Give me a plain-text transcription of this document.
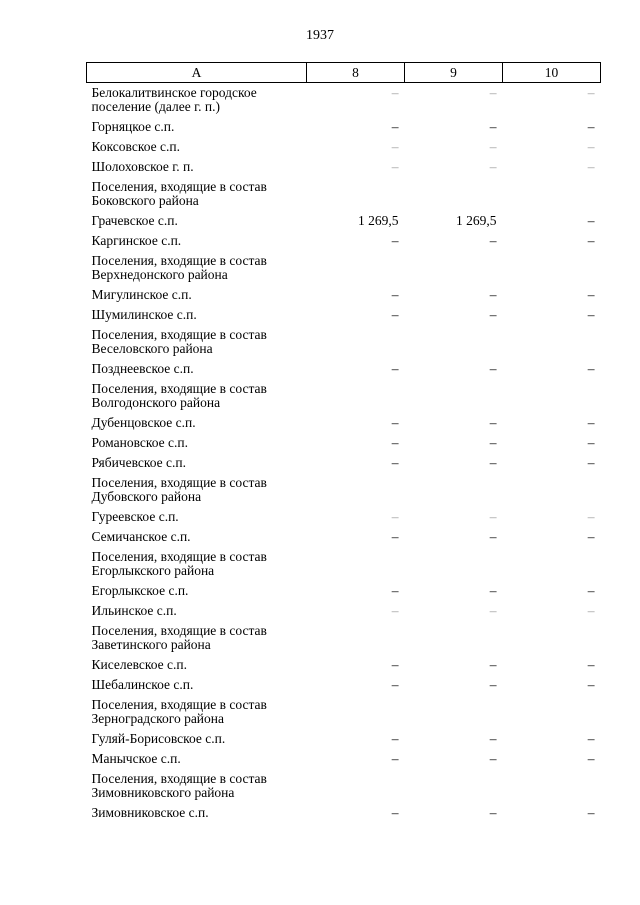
1937
А	8	9	10
Белокалитвинское городское поселение (далее г. п.)	–	–	–
Горняцкое с.п.	–	–	–
Коксовское с.п.	–	–	–
Шолоховское г. п.	–	–	–
Поселения, входящие в состав Боковского района			
Грачевское с.п.	1 269,5	1 269,5	–
Каргинское с.п.	–	–	–
Поселения, входящие в состав Верхнедонского района			
Мигулинское с.п.	–	–	–
Шумилинское с.п.	–	–	–
Поселения, входящие в состав Веселовского района			
Позднеевское с.п.	–	–	–
Поселения, входящие в состав Волгодонского района			
Дубенцовское с.п.	–	–	–
Романовское с.п.	–	–	–
Рябичевское с.п.	–	–	–
Поселения, входящие в состав Дубовского района			
Гуреевское с.п.	–	–	–
Семичанское с.п.	–	–	–
Поселения, входящие в состав Егорлыкского района			
Егорлыкское с.п.	–	–	–
Ильинское с.п.	–	–	–
Поселения, входящие в состав Заветинского района			
Киселевское с.п.	–	–	–
Шебалинское с.п.	–	–	–
Поселения, входящие в состав Зерноградского района			
Гуляй-Борисовское с.п.	–	–	–
Манычское с.п.	–	–	–
Поселения, входящие в состав Зимовниковского района			
Зимовниковское с.п.	–	–	–
